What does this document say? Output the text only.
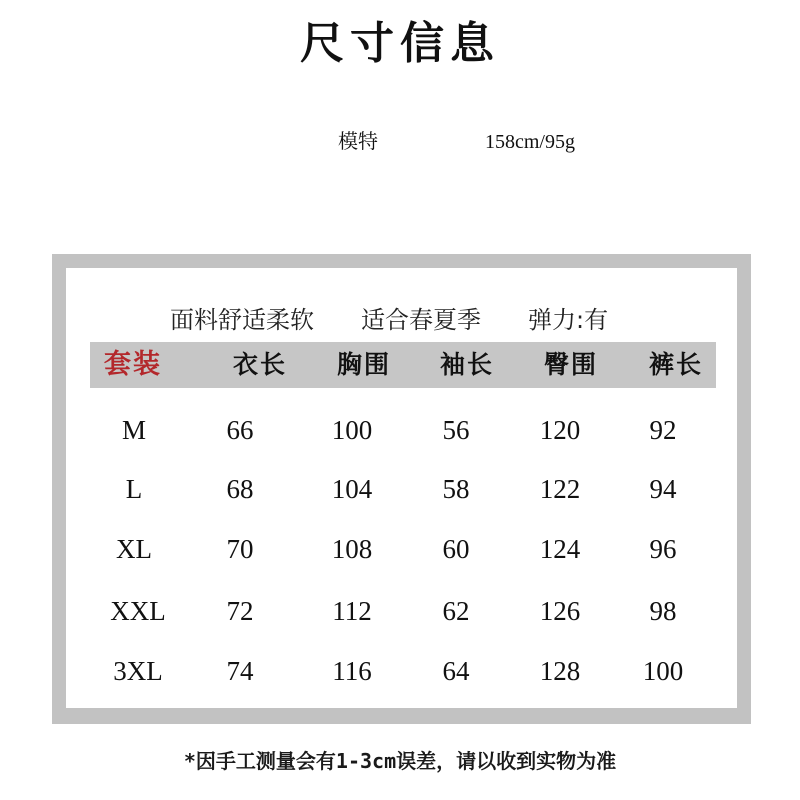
尺寸信息
模特	158cm/95g
面料舒适柔软 适合春夏季 弹力:有
套装	衣长	胸围	袖长	臀围	裤长
M	66	100	56	120	92
L	68	104	58	122	94
XL	70	108	60	124	96
XXL	72	112	62	126	98
3XL	74	116	64	128	100
*因手工测量会有1-3cm误差，请以收到实物为准
